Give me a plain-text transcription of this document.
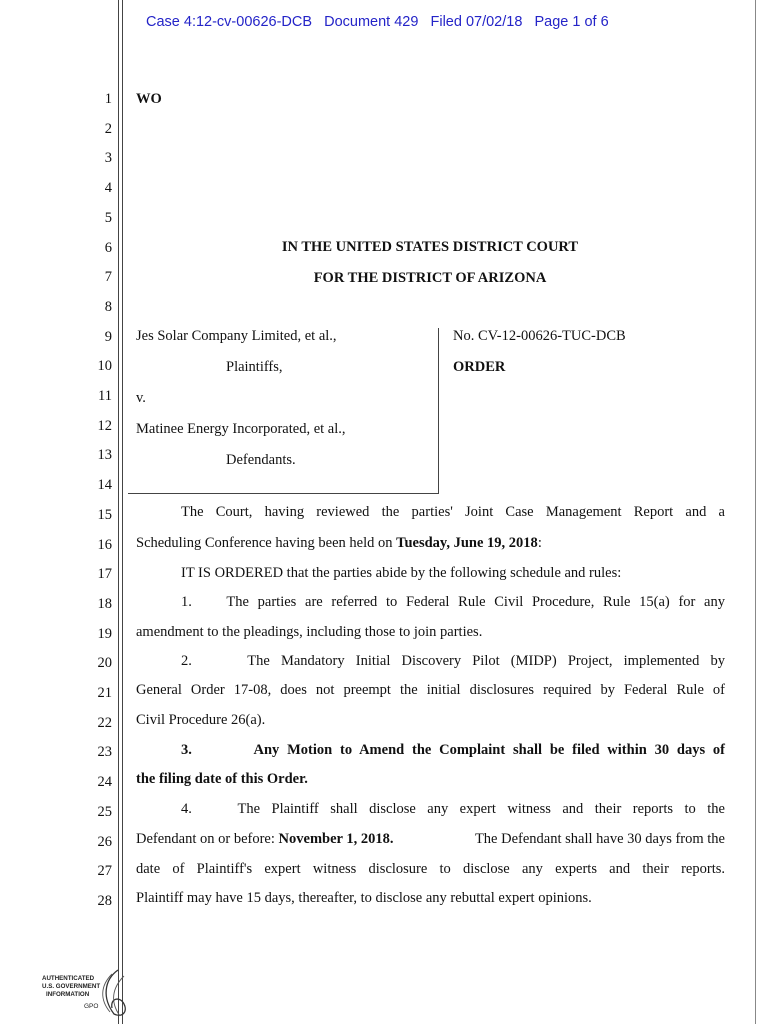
Case 4:12-cv-00626-DCB   Document 429   Filed 07/02/18   Page 1 of 6
1
2
3
4
5
6
7
8
9
10
11
12
13
14
15
16
17
18
19
20
21
22
23
24
25
26
27
28
WO
IN THE UNITED STATES DISTRICT COURT
FOR THE DISTRICT OF ARIZONA
Jes Solar Company Limited, et al.,
Plaintiffs,
v.
Matinee Energy Incorporated, et al.,
Defendants.
No. CV-12-00626-TUC-DCB
ORDER
The Court, having reviewed the parties' Joint Case Management Report and a
Scheduling Conference having been held on Tuesday, June 19, 2018:
IT IS ORDERED that the parties abide by the following schedule and rules:
1.    The parties are referred to Federal Rule Civil Procedure, Rule 15(a) for any
amendment to the pleadings, including those to join parties.
2.     The Mandatory Initial Discovery Pilot (MIDP) Project, implemented by
General Order 17-08, does not preempt the initial disclosures required by Federal Rule of
Civil Procedure 26(a).
3.        Any Motion to Amend the Complaint shall be filed within 30 days of
the filing date of this Order.
4.    The Plaintiff shall disclose any expert witness and their reports to the
Defendant on or before: November 1, 2018.	The Defendant shall have 30 days from the
date of Plaintiff's expert witness disclosure to disclose any experts and their reports.
Plaintiff may have 15 days, thereafter, to disclose any rebuttal expert opinions.
AUTHENTICATED
U.S. GOVERNMENT
INFORMATION
GPO
